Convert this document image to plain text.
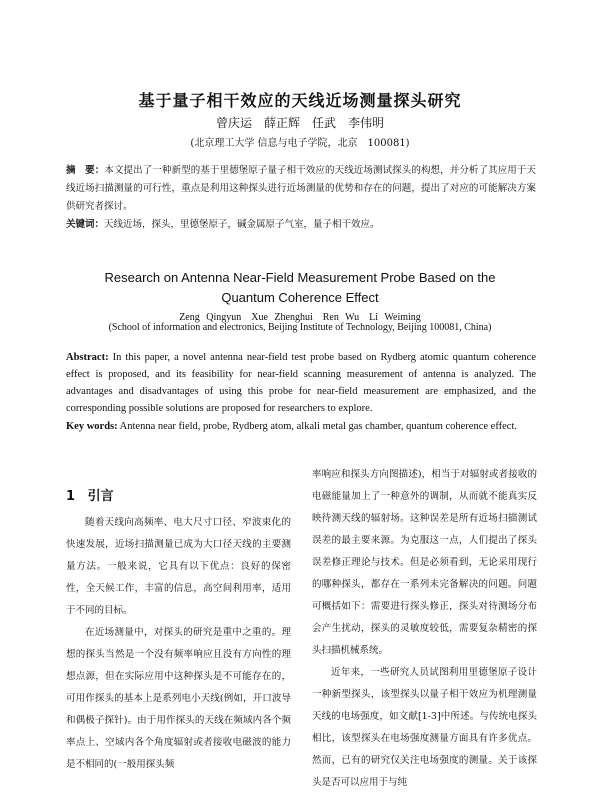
基于量子相干效应的天线近场测量探头研究
曾庆运　薛正辉　任武　李伟明
(北京理工大学 信息与电子学院，北京　100081)
摘　要：本文提出了一种新型的基于里德堡原子量子相干效应的天线近场测试探头的构想，并分析了其应用于天线近场扫描测量的可行性，重点是利用这种探头进行近场测量的优势和存在的问题，提出了对应的可能解决方案供研究者探讨。
关键词：天线近场，探头，里德堡原子，碱金属原子气室，量子相干效应。
Research on Antenna Near-Field Measurement Probe Based on the
Quantum Coherence Effect
Zeng Qingyun　Xue Zhenghui　Ren Wu　Li Weiming
(School of information and electronics, Beijing Institute of Technology, Beijing 100081, China)
Abstract: In this paper, a novel antenna near-field test probe based on Rydberg atomic quantum coherence effect is proposed, and its feasibility for near-field scanning measurement of antenna is analyzed. The advantages and disadvantages of using this probe for near-field measurement are emphasized, and the corresponding possible solutions are proposed for researchers to explore.
Key words: Antenna near field, probe, Rydberg atom, alkali metal gas chamber, quantum coherence effect.
1 引言

随着天线向高频率、电大尺寸口径、窄波束化的快速发展，近场扫描测量已成为大口径天线的主要测量方法。一般来说，它具有以下优点：良好的保密性，全天候工作，丰富的信息，高空间利用率，适用于不同的目标。

在近场测量中，对探头的研究是重中之重的。理想的探头当然是一个没有频率响应且没有方向性的理想点源，但在实际应用中这种探头是不可能存在的，可用作探头的基本上是系列电小天线(例如，开口波导和偶极子探针)。由于用作探头的天线在频域内各个频率点上、空域内各个角度辐射或者接收电磁波的能力是不相同的(一般用探头频

率响应和探头方向图描述)，相当于对辐射或者接收的电磁能量加上了一种意外的调制，从而就不能真实反映待测天线的辐射场。这种误差是所有近场扫描测试误差的最主要来源。为克服这一点，人们提出了探头误差修正理论与技术。但是必须看到，无论采用现行的哪种探头，都存在一系列未完备解决的问题。问题可概括如下：需要进行探头修正，探头对待测场分布会产生扰动，探头的灵敏度较低，需要复杂精密的探头扫描机械系统。

近年来，一些研究人员试图利用里德堡原子设计一种新型探头，该型探头以量子相干效应为机理测量天线的电场强度，如文献[1-3]中所述。与传统电探头相比，该型探头在电场强度测量方面具有许多优点。然而，已有的研究仅关注电场强度的测量。关于该探头是否可以应用于与纯
